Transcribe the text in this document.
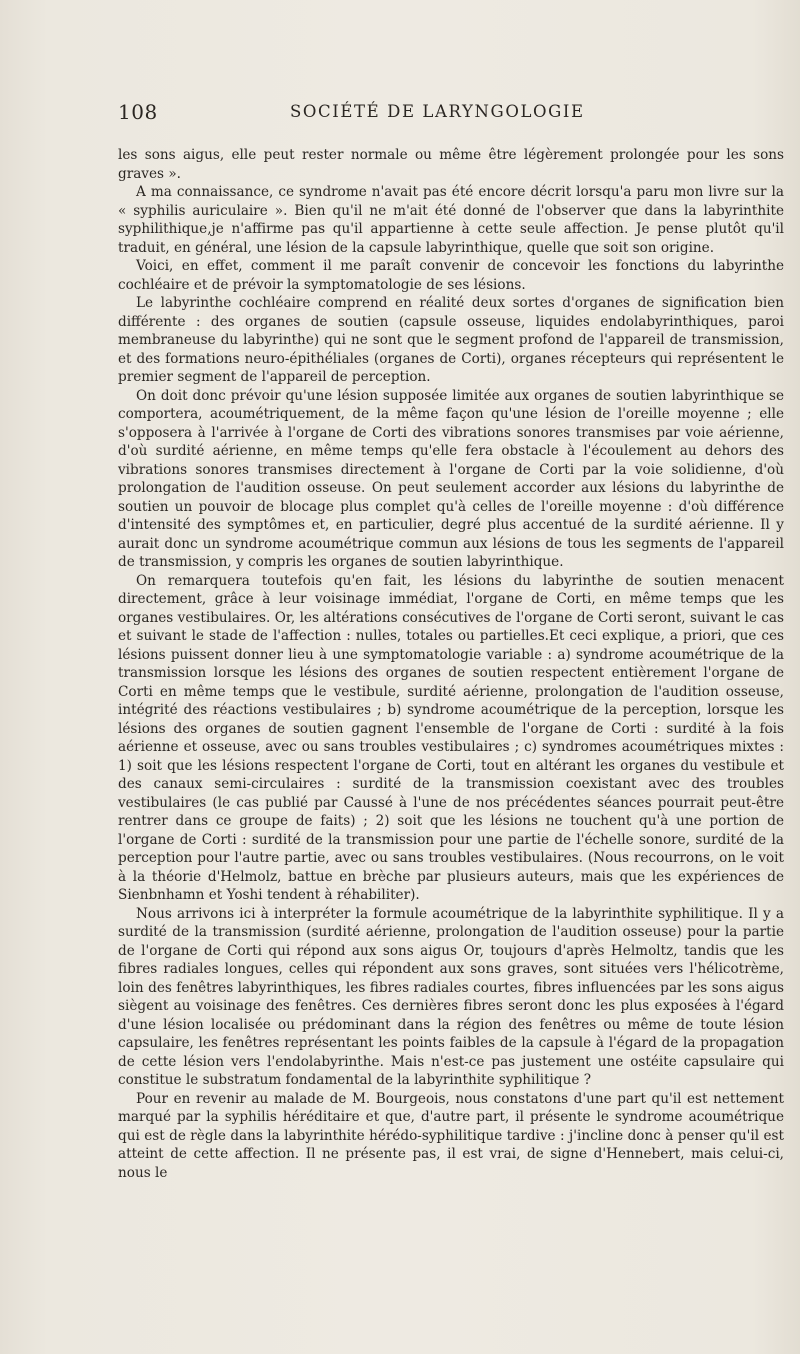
108	SOCIÉTÉ DE LARYNGOLOGIE

les sons aigus, elle peut rester normale ou même être légèrement prolongée pour les sons graves ».

A ma connaissance, ce syndrome n'avait pas été encore décrit lorsqu'a paru mon livre sur la « syphilis auriculaire ». Bien qu'il ne m'ait été donné de l'observer que dans la labyrinthite syphilithique,je n'affirme pas qu'il appartienne à cette seule affection. Je pense plutôt qu'il traduit, en général, une lésion de la capsule labyrinthique, quelle que soit son origine.

Voici, en effet, comment il me paraît convenir de concevoir les fonctions du labyrinthe cochléaire et de prévoir la symptomatologie de ses lésions.

Le labyrinthe cochléaire comprend en réalité deux sortes d'organes de signification bien différente : des organes de soutien (capsule osseuse, liquides endolabyrinthiques, paroi membraneuse du labyrinthe) qui ne sont que le segment profond de l'appareil de transmission, et des formations neuro-épithéliales (organes de Corti), organes récepteurs qui représentent le premier segment de l'appareil de perception.

On doit donc prévoir qu'une lésion supposée limitée aux organes de soutien labyrinthique se comportera, acoumétriquement, de la même façon qu'une lésion de l'oreille moyenne ; elle s'opposera à l'arrivée à l'organe de Corti des vibrations sonores transmises par voie aérienne, d'où surdité aérienne, en même temps qu'elle fera obstacle à l'écoulement au dehors des vibrations sonores transmises directement à l'organe de Corti par la voie solidienne, d'où prolongation de l'audition osseuse. On peut seulement accorder aux lésions du labyrinthe de soutien un pouvoir de blocage plus complet qu'à celles de l'oreille moyenne : d'où différence d'intensité des symptômes et, en particulier, degré plus accentué de la surdité aérienne. Il y aurait donc un syndrome acoumétrique commun aux lésions de tous les segments de l'appareil de transmission, y compris les organes de soutien labyrinthique.

On remarquera toutefois qu'en fait, les lésions du labyrinthe de soutien menacent directement, grâce à leur voisinage immédiat, l'organe de Corti, en même temps que les organes vestibulaires. Or, les altérations consécutives de l'organe de Corti seront, suivant le cas et suivant le stade de l'affection : nulles, totales ou partielles.Et ceci explique, a priori, que ces lésions puissent donner lieu à une symptomatologie variable : a) syndrome acoumétrique de la transmission lorsque les lésions des organes de soutien respectent entièrement l'organe de Corti en même temps que le vestibule, surdité aérienne, prolongation de l'audition osseuse, intégrité des réactions vestibulaires ; b) syndrome acoumétrique de la perception, lorsque les lésions des organes de soutien gagnent l'ensemble de l'organe de Corti : surdité à la fois aérienne et osseuse, avec ou sans troubles vestibulaires ; c) syndromes acoumétriques mixtes : 1) soit que les lésions respectent l'organe de Corti, tout en altérant les organes du vestibule et des canaux semi-circulaires : surdité de la transmission coexistant avec des troubles vestibulaires (le cas publié par Caussé à l'une de nos précédentes séances pourrait peut-être rentrer dans ce groupe de faits) ; 2) soit que les lésions ne touchent qu'à une portion de l'organe de Corti : surdité de la transmission pour une partie de l'échelle sonore, surdité de la perception pour l'autre partie, avec ou sans troubles vestibulaires. (Nous recourrons, on le voit à la théorie d'Helmolz, battue en brèche par plusieurs auteurs, mais que les expériences de Sienbnhamn et Yoshi tendent à réhabiliter).

Nous arrivons ici à interpréter la formule acoumétrique de la labyrinthite syphilitique. Il y a surdité de la transmission (surdité aérienne, prolongation de l'audition osseuse) pour la partie de l'organe de Corti qui répond aux sons aigus Or, toujours d'après Helmoltz, tandis que les fibres radiales longues, celles qui répondent aux sons graves, sont situées vers l'hélicotrème, loin des fenêtres labyrinthiques, les fibres radiales courtes, fibres influencées par les sons aigus siègent au voisinage des fenêtres. Ces dernières fibres seront donc les plus exposées à l'égard d'une lésion localisée ou prédominant dans la région des fenêtres ou même de toute lésion capsulaire, les fenêtres représentant les points faibles de la capsule à l'égard de la propagation de cette lésion vers l'endolabyrinthe. Mais n'est-ce pas justement une ostéite capsulaire qui constitue le substratum fondamental de la labyrinthite syphilitique ?

Pour en revenir au malade de M. Bourgeois, nous constatons d'une part qu'il est nettement marqué par la syphilis héréditaire et que, d'autre part, il présente le syndrome acoumétrique qui est de règle dans la labyrinthite hérédo-syphilitique tardive : j'incline donc à penser qu'il est atteint de cette affection. Il ne présente pas, il est vrai, de signe d'Hennebert, mais celui-ci, nous le
